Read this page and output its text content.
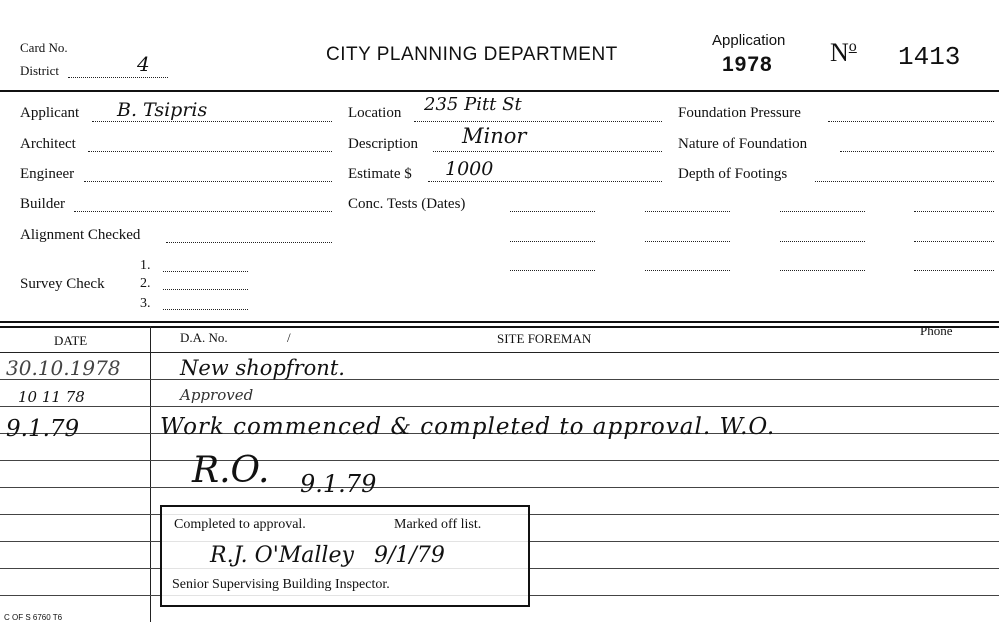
Card No.
District	4	CITY PLANNING DEPARTMENT
Application
1978 $N^o$ 1413
Applicant B. Tsipris
Architect
Engineer
Builder
Alignment Checked
Survey Check
1.
2.
3.
Location 235 Pitt St
Description Minor
Estimate $ 1000
Conc. Tests (Dates)
Foundation Pressure
Nature of Foundation
Depth of Footings
DATE	D.A. No.	/	SITE FOREMAN
Phone
30.10.1978	New shopfront.
10 11 78	Approved
9.1.79	Work commenced & completed to approval. W.O.
R.O. 9.1.79
Completed to approval.	Marked off list.
R.J. O'Malley 9/1/79
Senior Supervising Building Inspector.
C OF S 6760 T6
